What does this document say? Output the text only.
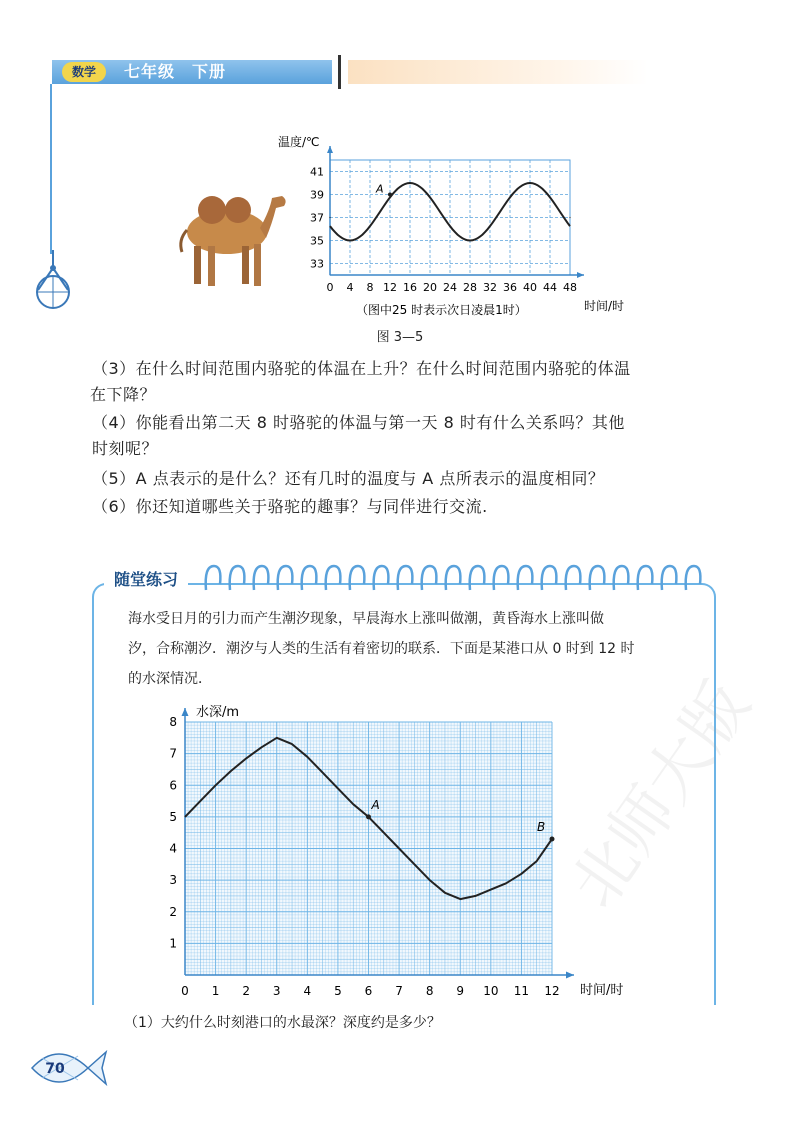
数学	七年级　下册
0 4 8 12 16 20 24 28 32 36 40 44 48
33
35
37
39
41
A
温度/℃
时间/时
（图中25 时表示次日凌晨1时）
图 3—5
（3）在什么时间范围内骆驼的体温在上升？在什么时间范围内骆驼的体温
在下降？
（4）你能看出第二天 8 时骆驼的体温与第一天 8 时有什么关系吗？其他
时刻呢？
（5）A 点表示的是什么？还有几时的温度与 A 点所表示的温度相同？
（6）你还知道哪些关于骆驼的趣事？与同伴进行交流.
随堂练习
海水受日月的引力而产生潮汐现象，早晨海水上涨叫做潮，黄昏海水上涨叫做
汐，合称潮汐．潮汐与人类的生活有着密切的联系．下面是某港口从 0 时到 12 时
的水深情况．
0 1 2 3 4 5 6 7 8 9 10 11 12
1
2
3
4
5
6
7
8
A
B
水深/m
时间/时
（1）大约什么时刻港口的水最深？深度约是多少？
70
北师大版
